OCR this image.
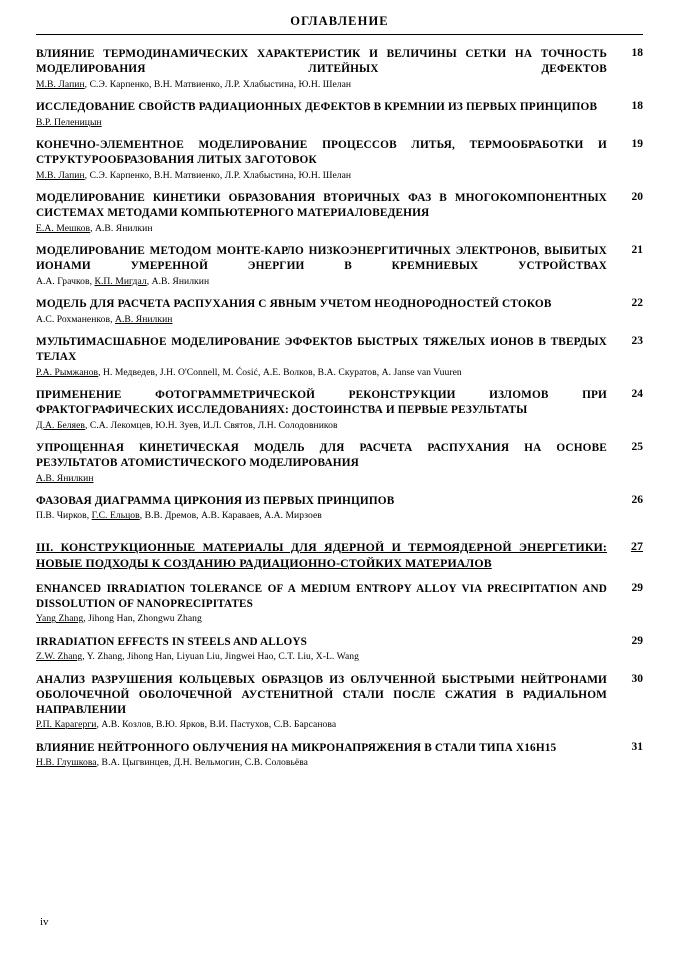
ОГЛАВЛЕНИЕ
ВЛИЯНИЕ ТЕРМОДИНАМИЧЕСКИХ ХАРАКТЕРИСТИК И ВЕЛИЧИНЫ СЕТКИ НА ТОЧНОСТЬ МОДЕЛИРОВАНИЯ ЛИТЕЙНЫХ ДЕФЕКТОВ
М.В. Лапин, С.Э. Карпенко, В.Н. Матвиенко, Л.Р. Хлабыстина, Ю.Н. Шелан
18
ИССЛЕДОВАНИЕ СВОЙСТВ РАДИАЦИОННЫХ ДЕФЕКТОВ В КРЕМНИИ ИЗ ПЕРВЫХ ПРИНЦИПОВ
В.Р. Пеленицын
18
КОНЕЧНО-ЭЛЕМЕНТНОЕ МОДЕЛИРОВАНИЕ ПРОЦЕССОВ ЛИТЬЯ, ТЕРМООБРАБОТКИ И СТРУКТУРООБРАЗОВАНИЯ ЛИТЫХ ЗАГОТОВОК
М.В. Лапин, С.Э. Карпенко, В.Н. Матвиенко, Л.Р. Хлабыстина, Ю.Н. Шелан
19
МОДЕЛИРОВАНИЕ КИНЕТИКИ ОБРАЗОВАНИЯ ВТОРИЧНЫХ ФАЗ В МНОГОКОМПОНЕНТНЫХ СИСТЕМАХ МЕТОДАМИ КОМПЬЮТЕРНОГО МАТЕРИАЛОВЕДЕНИЯ
Е.А. Мешков, А.В. Янилкин
20
МОДЕЛИРОВАНИЕ МЕТОДОМ МОНТЕ-КАРЛО НИЗКОЭНЕРГИТИЧНЫХ ЭЛЕКТРОНОВ, ВЫБИТЫХ ИОНАМИ УМЕРЕННОЙ ЭНЕРГИИ В КРЕМНИЕВЫХ УСТРОЙСТВАХ
А.А. Грачков, К.П. Мигдал, А.В. Янилкин
21
МОДЕЛЬ ДЛЯ РАСЧЕТА РАСПУХАНИЯ С ЯВНЫМ УЧЕТОМ НЕОДНОРОДНОСТЕЙ СТОКОВ
А.С. Рохманенков, А.В. Янилкин
22
МУЛЬТИМАСШАБНОЕ МОДЕЛИРОВАНИЕ ЭФФЕКТОВ БЫСТРЫХ ТЯЖЕЛЫХ ИОНОВ В ТВЕРДЫХ ТЕЛАХ
Р.А. Рымжанов, Н. Медведев, J.H. O'Connell, M. Ćosić, А.Е. Волков, В.А. Скуратов, A. Janse van Vuuren
23
ПРИМЕНЕНИЕ ФОТОГРАММЕТРИЧЕСКОЙ РЕКОНСТРУКЦИИ ИЗЛОМОВ ПРИ ФРАКТОГРАФИЧЕСКИХ ИССЛЕДОВАНИЯХ: ДОСТОИНСТВА И ПЕРВЫЕ РЕЗУЛЬТАТЫ
Д.А. Беляев, С.А. Лекомцев, Ю.Н. Зуев, И.Л. Святов, Л.Н. Солодовников
24
УПРОЩЕННАЯ КИНЕТИЧЕСКАЯ МОДЕЛЬ ДЛЯ РАСЧЕТА РАСПУХАНИЯ НА ОСНОВЕ РЕЗУЛЬТАТОВ АТОМИСТИЧЕСКОГО МОДЕЛИРОВАНИЯ
А.В. Янилкин
25
ФАЗОВАЯ ДИАГРАММА ЦИРКОНИЯ ИЗ ПЕРВЫХ ПРИНЦИПОВ
П.В. Чирков, Г.С. Ельцов, В.В. Дремов, А.В. Караваев, А.А. Мирзоев
26
III. КОНСТРУКЦИОННЫЕ МАТЕРИАЛЫ ДЛЯ ЯДЕРНОЙ И ТЕРМОЯДЕРНОЙ ЭНЕРГЕТИКИ: НОВЫЕ ПОДХОДЫ К СОЗДАНИЮ РАДИАЦИОННО-СТОЙКИХ МАТЕРИАЛОВ
27
ENHANCED IRRADIATION TOLERANCE OF A MEDIUM ENTROPY ALLOY VIA PRECIPITATION AND DISSOLUTION OF NANOPRECIPITATES
Yang Zhang, Jihong Han, Zhongwu Zhang
29
IRRADIATION EFFECTS IN STEELS AND ALLOYS
Z.W. Zhang, Y. Zhang, Jihong Han, Liyuan Liu, Jingwei Hao, C.T. Liu, X-L. Wang
29
АНАЛИЗ РАЗРУШЕНИЯ КОЛЬЦЕВЫХ ОБРАЗЦОВ ИЗ ОБЛУЧЕННОЙ БЫСТРЫМИ НЕЙТРОНАМИ ОБОЛОЧЕЧНОЙ ОБОЛОЧЕЧНОЙ АУСТЕНИТНОЙ СТАЛИ ПОСЛЕ СЖАТИЯ В РАДИАЛЬНОМ НАПРАВЛЕНИИ
Р.П. Карагерги, А.В. Козлов, В.Ю. Ярков, В.И. Пастухов, С.В. Барсанова
30
ВЛИЯНИЕ НЕЙТРОННОГО ОБЛУЧЕНИЯ НА МИКРОНАПРЯЖЕНИЯ В СТАЛИ ТИПА Х16Н15
Н.В. Глушкова, В.А. Цыгвинцев, Д.Н. Вельмогин, С.В. Соловьёва
31
iv
